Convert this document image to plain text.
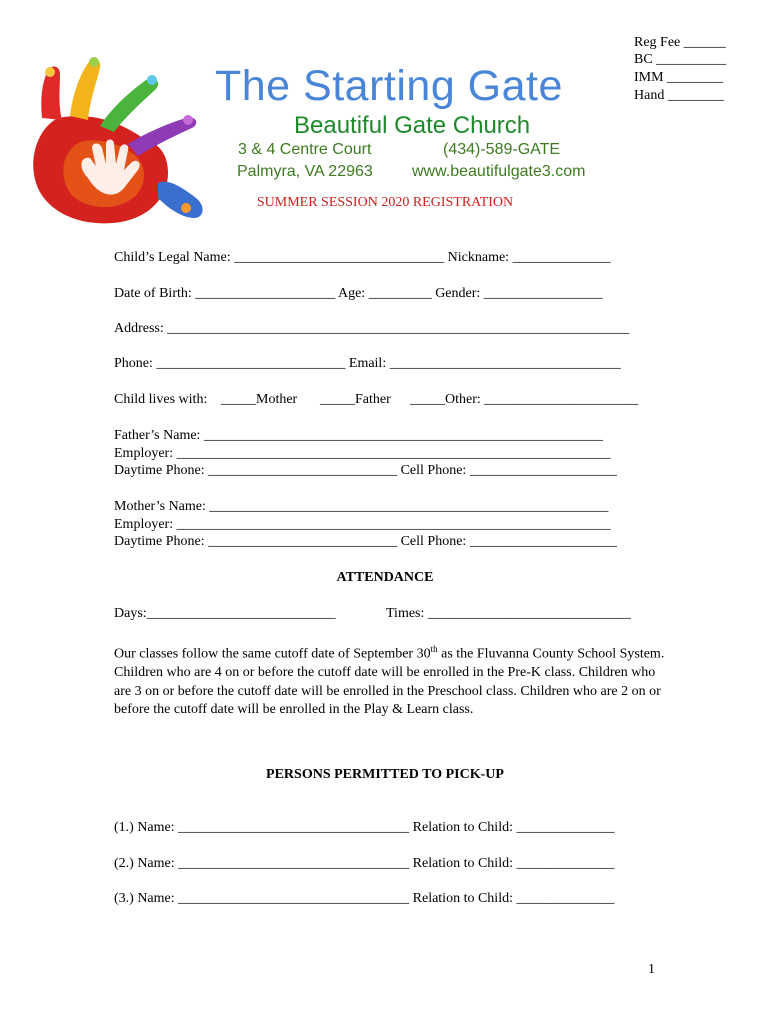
The Starting Gate
Beautiful Gate Church
3 & 4 Centre Court	(434)-589-GATE
Palmyra, VA 22963 www.beautifulgate3.com
SUMMER SESSION 2020 REGISTRATION
Reg Fee ______
BC __________
IMM ________
Hand ________
Child’s Legal Name: ______________________________ Nickname: ______________
Date of Birth: ____________________ Age: _________ Gender: _________________
Address: __________________________________________________________________
Phone: ___________________________ Email: _________________________________
Child lives with: _____Mother _____Father _____Other: ______________________
Father’s Name: _________________________________________________________
Employer: ______________________________________________________________
Daytime Phone: ___________________________ Cell Phone: _____________________
Mother’s Name: _________________________________________________________
Employer: ______________________________________________________________
Daytime Phone: ___________________________ Cell Phone: _____________________
ATTENDANCE
Days:___________________________	Times: _____________________________
Our classes follow the same cutoff date of September 30th as the Fluvanna County School System. Children who are 4 on or before the cutoff date will be enrolled in the Pre-K class. Children who are 3 on or before the cutoff date will be enrolled in the Preschool class. Children who are 2 on or before the cutoff date will be enrolled in the Play & Learn class.
PERSONS PERMITTED TO PICK-UP
(1.) Name: _________________________________ Relation to Child: ______________
(2.) Name: _________________________________ Relation to Child: ______________
(3.) Name: _________________________________ Relation to Child: ______________
1
